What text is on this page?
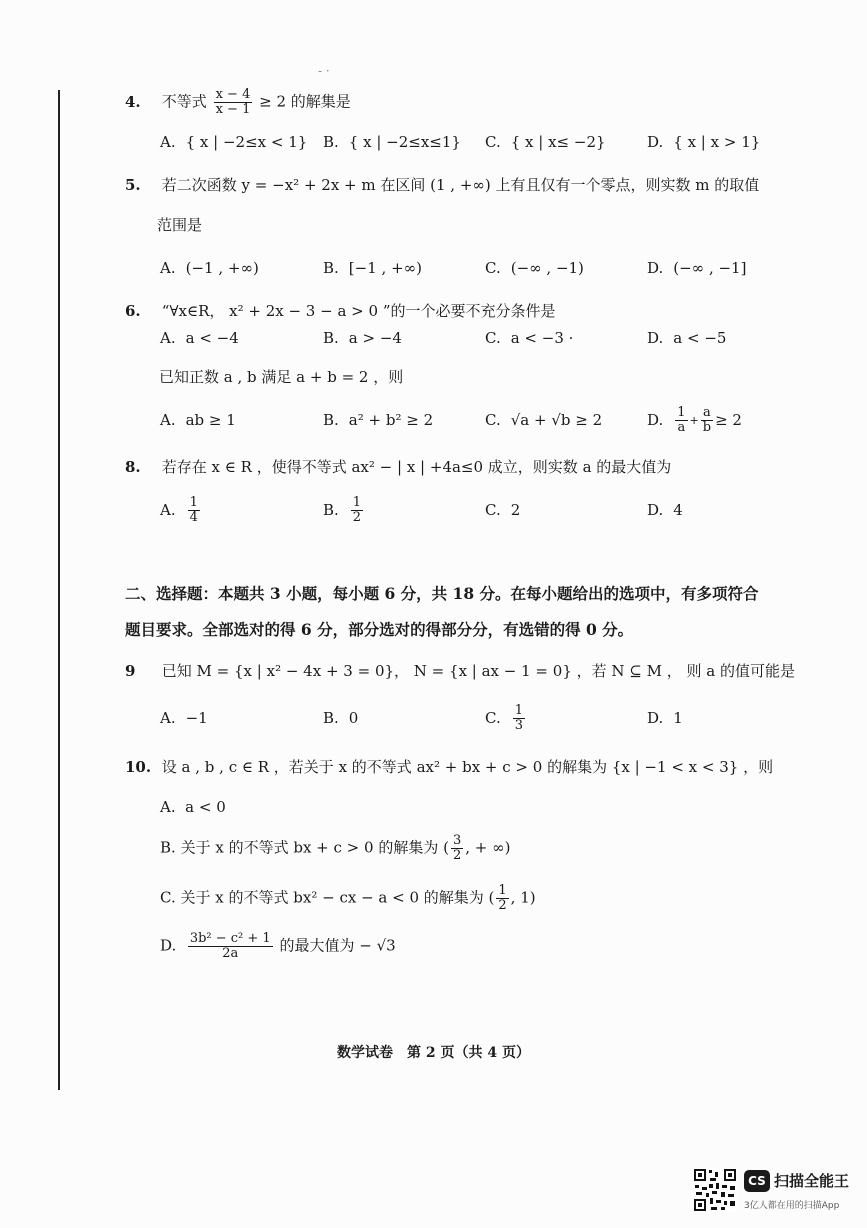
- ·
4. 不等式 $\frac{x - 4}{x - 1} \ge 2$ 的解集是
A. { x | −2≤x < 1} B. { x | −2≤x≤1} C. { x | x≤ −2}	D. { x | x > 1}
5. 若二次函数 y = −x² + 2x + m 在区间 (1 , +∞) 上有且仅有一个零点，则实数 m 的取值
范围是
A. (−1 , +∞)	B. [−1 , +∞)	C. (−∞ , −1)	D. (−∞ , −1]
6. “∀x∈R， x² + 2x − 3 − a > 0 ”的一个必要不充分条件是
A. a < −4	B. a > −4	C. a < −3 ·	D. a < −5
已知正数 a , b 满足 a + b = 2 ，则
A. ab ≥ 1	B. a² + b² ≥ 2	C. √a + √b ≥ 2	D. $\frac{1}{a} + \frac{a}{b} \ge 2$
8. 若存在 x ∈ R ，使得不等式 ax² − | x | +4a≤0 成立，则实数 a 的最大值为
A. $\frac{1}{4}$	B. $\frac{1}{2}$	C. 2	D. 4
二、选择题：本题共 3 小题，每小题 6 分，共 18 分。在每小题给出的选项中，有多项符合
题目要求。全部选对的得 6 分，部分选对的得部分分，有选错的得 0 分。
9 已知 M = {x | x² − 4x + 3 = 0}， N = {x | ax − 1 = 0} ，若 N ⊆ M ， 则 a 的值可能是
A. −1	B. 0	C. $\frac{1}{3}$	D. 1
10. 设 a , b , c ∈ R ，若关于 x 的不等式 ax² + bx + c > 0 的解集为 {x | −1 < x < 3} ，则
A. a < 0
B. 关于 x 的不等式 bx + c > 0 的解集为 ( $\frac{3}{2}$ , + ∞)
C. 关于 x 的不等式 bx² − cx − a < 0 的解集为 ( $\frac{1}{2}$ , 1)
D. $\frac{\text{3b² − c² + 1}}{2a}$ 的最大值为 − √3
数学试卷　第 2 页（共 4 页）
CS 扫描全能王
3亿人都在用的扫描App
